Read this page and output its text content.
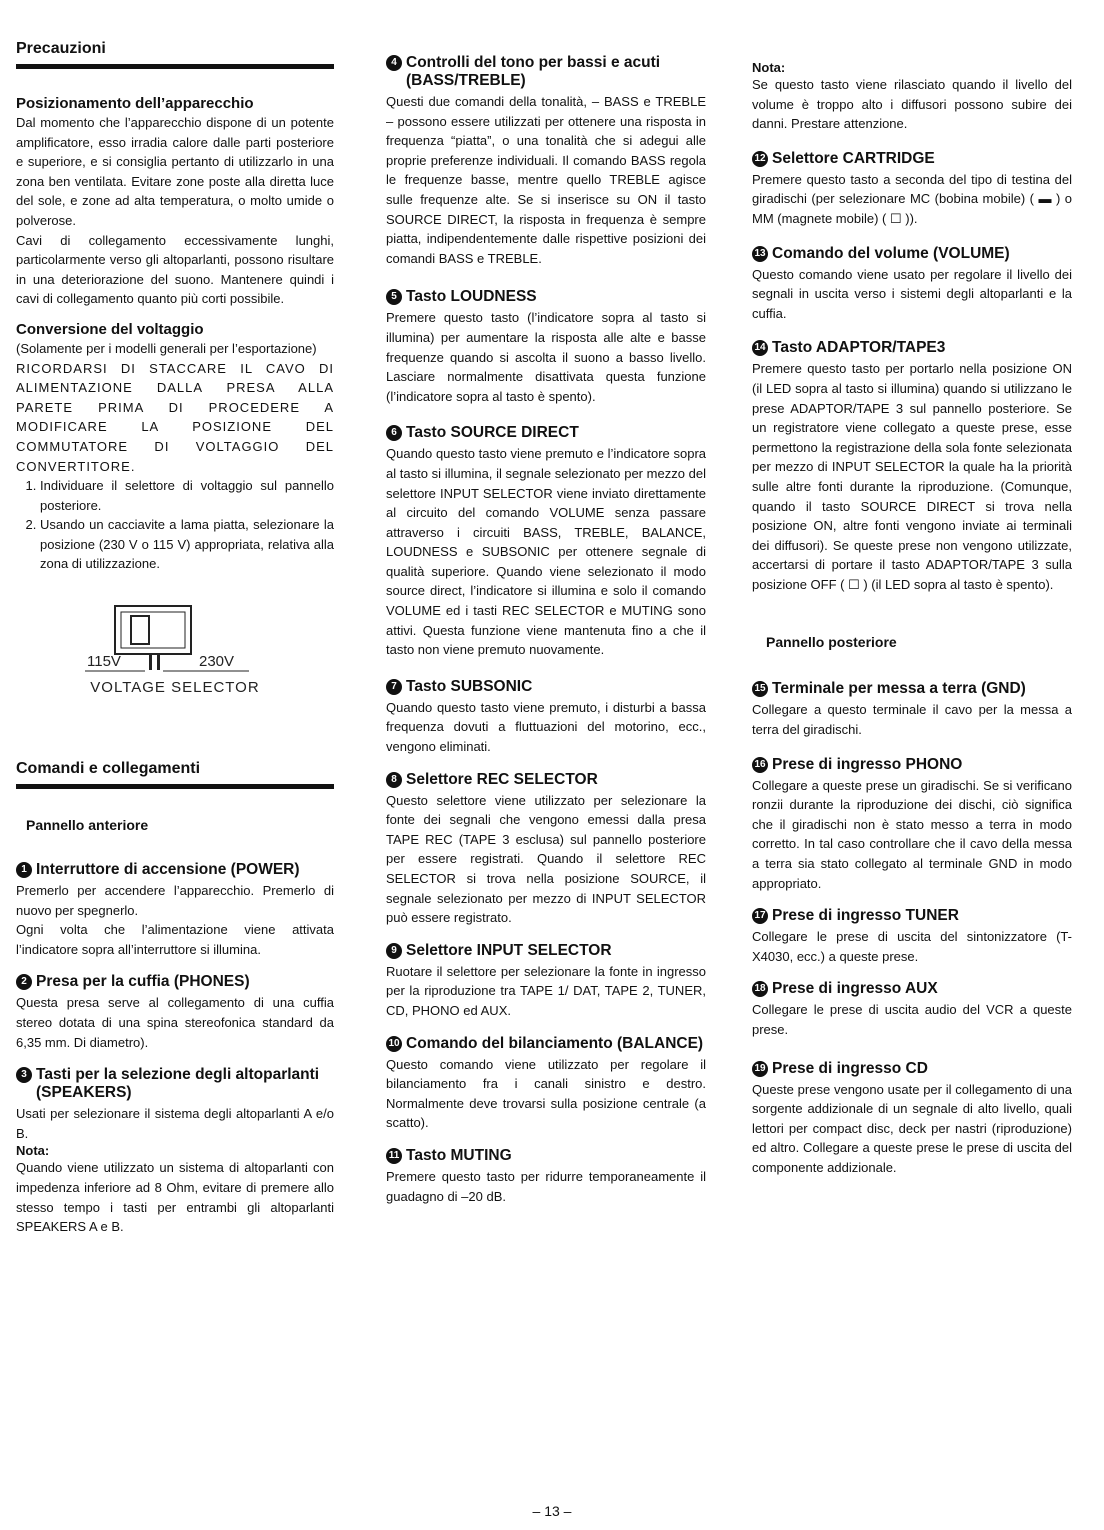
Precauzioni

Posizionamento dell’apparecchio

Dal momento che l’apparecchio dispone di un potente amplificatore, esso irradia calore dalle parti posteriore e superiore, e si consiglia pertanto di utilizzarlo in una zona ben ventilata. Evitare zone poste alla diretta luce del sole, e zone ad alta temperatura, o molto umide o polverose.

Cavi di collegamento eccessivamente lunghi, particolarmente verso gli altoparlanti, possono risultare in una deteriorazione del suono. Mantenere quindi i cavi di collegamento quanto più corti possibile.

Conversione del voltaggio

(Solamente per i modelli generali per l’esportazione)

RICORDARSI DI STACCARE IL CAVO DI ALIMENTAZIONE DALLA PRESA ALLA PARETE PRIMA DI PROCEDERE A MODIFICARE LA POSIZIONE DEL COMMUTATORE DI VOLTAGGIO DEL CONVERTITORE.

1. Individuare il selettore di voltaggio sul pannello posteriore.
2. Usando un cacciavite a lama piatta, selezionare la posizione (230 V o 115 V) appropriata, relativa alla zona di utilizzazione.
115V	230V
VOLTAGE SELECTOR

Comandi e collegamenti

Pannello anteriore

1 Interruttore di accensione (POWER)

Premerlo per accendere l’apparecchio. Premerlo di nuovo per spegnerlo.

Ogni volta che l’alimentazione viene attivata l’indicatore sopra all’interruttore si illumina.

2 Presa per la cuffia (PHONES)

Questa presa serve al collegamento di una cuffia stereo dotata di una spina stereofonica standard da 6,35 mm. Di diametro).

3 Tasti per la selezione degli altoparlanti (SPEAKERS)

Usati per selezionare il sistema degli altoparlanti A e/o B.

Nota:

Quando viene utilizzato un sistema di altoparlanti con impedenza inferiore ad 8 Ohm, evitare di premere allo stesso tempo i tasti per entrambi gli altoparlanti SPEAKERS A e B.

4 Controlli del tono per bassi e acuti (BASS/TREBLE)

Questi due comandi della tonalità, – BASS e TREBLE – possono essere utilizzati per ottenere una risposta in frequenza “piatta”, o una tonalità che si adegui alle proprie preferenze individuali. Il comando BASS regola le frequenze basse, mentre quello TREBLE agisce sulle frequenze alte. Se si inserisce su ON il tasto SOURCE DIRECT, la risposta in frequenza è sempre piatta, indipendentemente dalle rispettive posizioni dei comandi BASS e TREBLE.

5 Tasto LOUDNESS

Premere questo tasto (l’indicatore sopra al tasto si illumina) per aumentare la risposta alle alte e basse frequenze quando si ascolta il suono a basso livello. Lasciare normalmente disattivata questa funzione (l’indicatore sopra al tasto è spento).

6 Tasto SOURCE DIRECT

Quando questo tasto viene premuto e l’indicatore sopra al tasto si illumina, il segnale selezionato per mezzo del selettore INPUT SELECTOR viene inviato direttamente al circuito del comando VOLUME senza passare attraverso i circuiti BASS, TREBLE, BALANCE, LOUDNESS e SUBSONIC per ottenere segnale di qualità superiore. Quando viene selezionato il modo source direct, l’indicatore si illumina e solo il comando VOLUME ed i tasti REC SELECTOR e MUTING sono attivi. Questa funzione viene mantenuta fino a che il tasto non viene premuto nuovamente.

7 Tasto SUBSONIC

Quando questo tasto viene premuto, i disturbi a bassa frequenza dovuti a fluttuazioni del motorino, ecc., vengono eliminati.

8 Selettore REC SELECTOR

Questo selettore viene utilizzato per selezionare la fonte dei segnali che vengono emessi dalla presa TAPE REC (TAPE 3 esclusa) sul pannello posteriore per essere registrati. Quando il selettore REC SELECTOR si trova nella posizione SOURCE, il segnale selezionato per mezzo di INPUT SELECTOR può essere registrato.

9 Selettore INPUT SELECTOR

Ruotare il selettore per selezionare la fonte in ingresso per la riproduzione tra TAPE 1/ DAT, TAPE 2, TUNER, CD, PHONO ed AUX.

10 Comando del bilanciamento (BALANCE)

Questo comando viene utilizzato per regolare il bilanciamento fra i canali sinistro e destro. Normalmente deve trovarsi sulla posizione centrale (a scatto).

11 Tasto MUTING

Premere questo tasto per ridurre temporaneamente il guadagno di –20 dB.

Nota:

Se questo tasto viene rilasciato quando il livello del volume è troppo alto i diffusori possono subire dei danni. Prestare attenzione.

12 Selettore CARTRIDGE

Premere questo tasto a seconda del tipo di testina del giradischi (per selezionare MC (bobina mobile) ( ▬ ) o MM (magnete mobile) ( ☐ )).

13 Comando del volume (VOLUME)

Questo comando viene usato per regolare il livello dei segnali in uscita verso i sistemi degli altoparlanti e la cuffia.

14 Tasto ADAPTOR/TAPE3

Premere questo tasto per portarlo nella posizione ON (il LED sopra al tasto si illumina) quando si utilizzano le prese ADAPTOR/TAPE 3 sul pannello posteriore. Se un registratore viene collegato a queste prese, esse permettono la registrazione della sola fonte selezionata per mezzo di INPUT SELECTOR la quale ha la priorità sulle altre fonti durante la riproduzione. (Comunque, quando il tasto SOURCE DIRECT si trova nella posizione ON, altre fonti vengono inviate ai terminali dei diffusori). Se queste prese non vengono utilizzate, accertarsi di portare il tasto ADAPTOR/TAPE 3 sulla posizione OFF ( ☐ ) (il LED sopra al tasto è spento).

Pannello posteriore

15 Terminale per messa a terra (GND)

Collegare a questo terminale il cavo per la messa a terra del giradischi.

16 Prese di ingresso PHONO

Collegare a queste prese un giradischi. Se si verificano ronzii durante la riproduzione dei dischi, ciò significa che il giradischi non è stato messo a terra in modo corretto. In tal caso controllare che il cavo della messa a terra sia stato collegato al terminale GND in modo appropriato.

17 Prese di ingresso TUNER

Collegare le prese di uscita del sintonizzatore (T-X4030, ecc.) a queste prese.

18 Prese di ingresso AUX

Collegare le prese di uscita audio del VCR a queste prese.

19 Prese di ingresso CD

Queste prese vengono usate per il collegamento di una sorgente addizionale di un segnale di alto livello, quali lettori per compact disc, deck per nastri (riproduzione) ed altro. Collegare a queste prese le prese di uscita del componente addizionale.

– 13 –
